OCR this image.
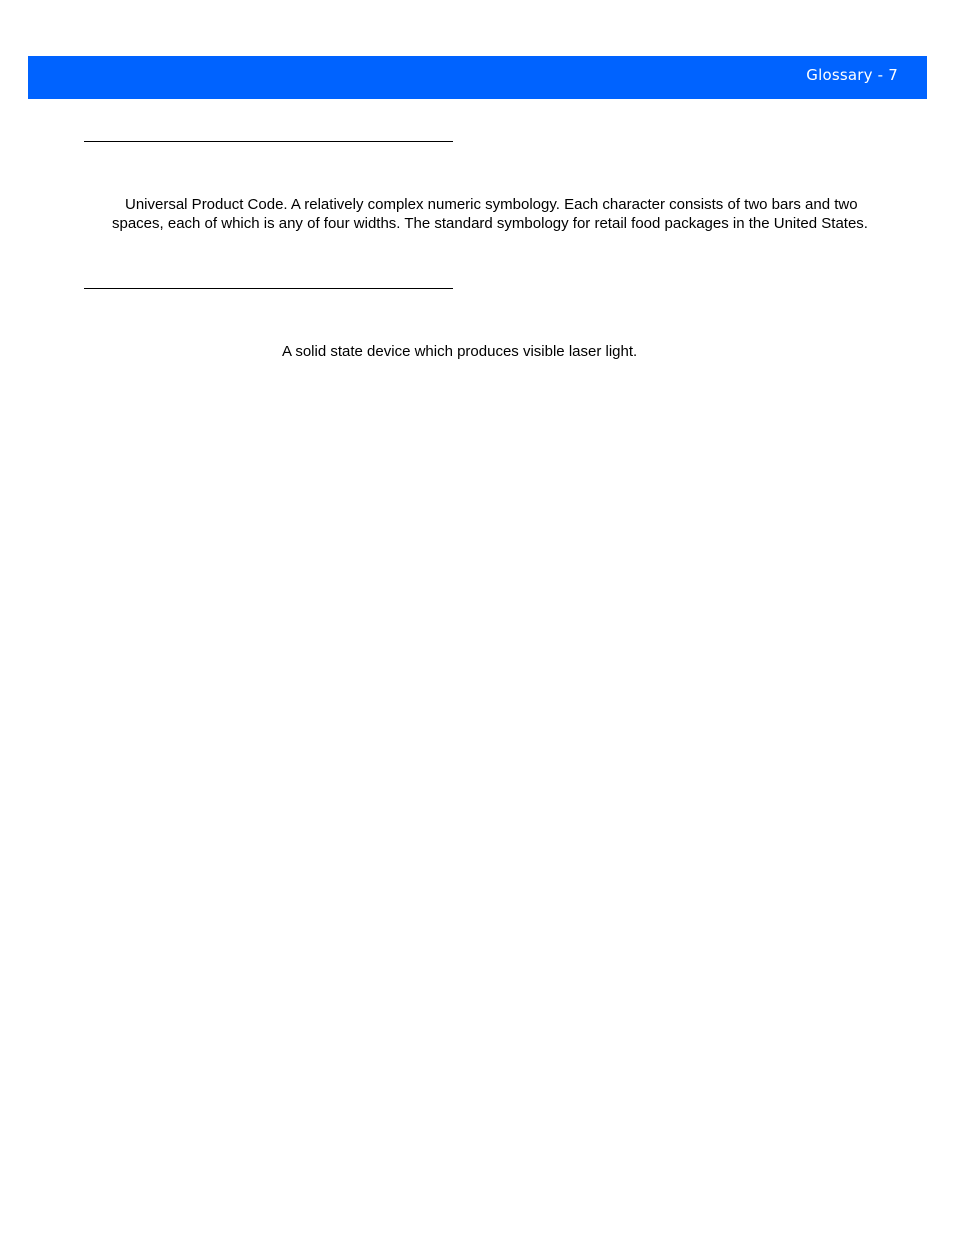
Glossary - 7

Universal Product Code. A relatively complex numeric symbology. Each character consists of two bars and two spaces, each of which is any of four widths. The standard symbology for retail food packages in the United States.

A solid state device which produces visible laser light.
